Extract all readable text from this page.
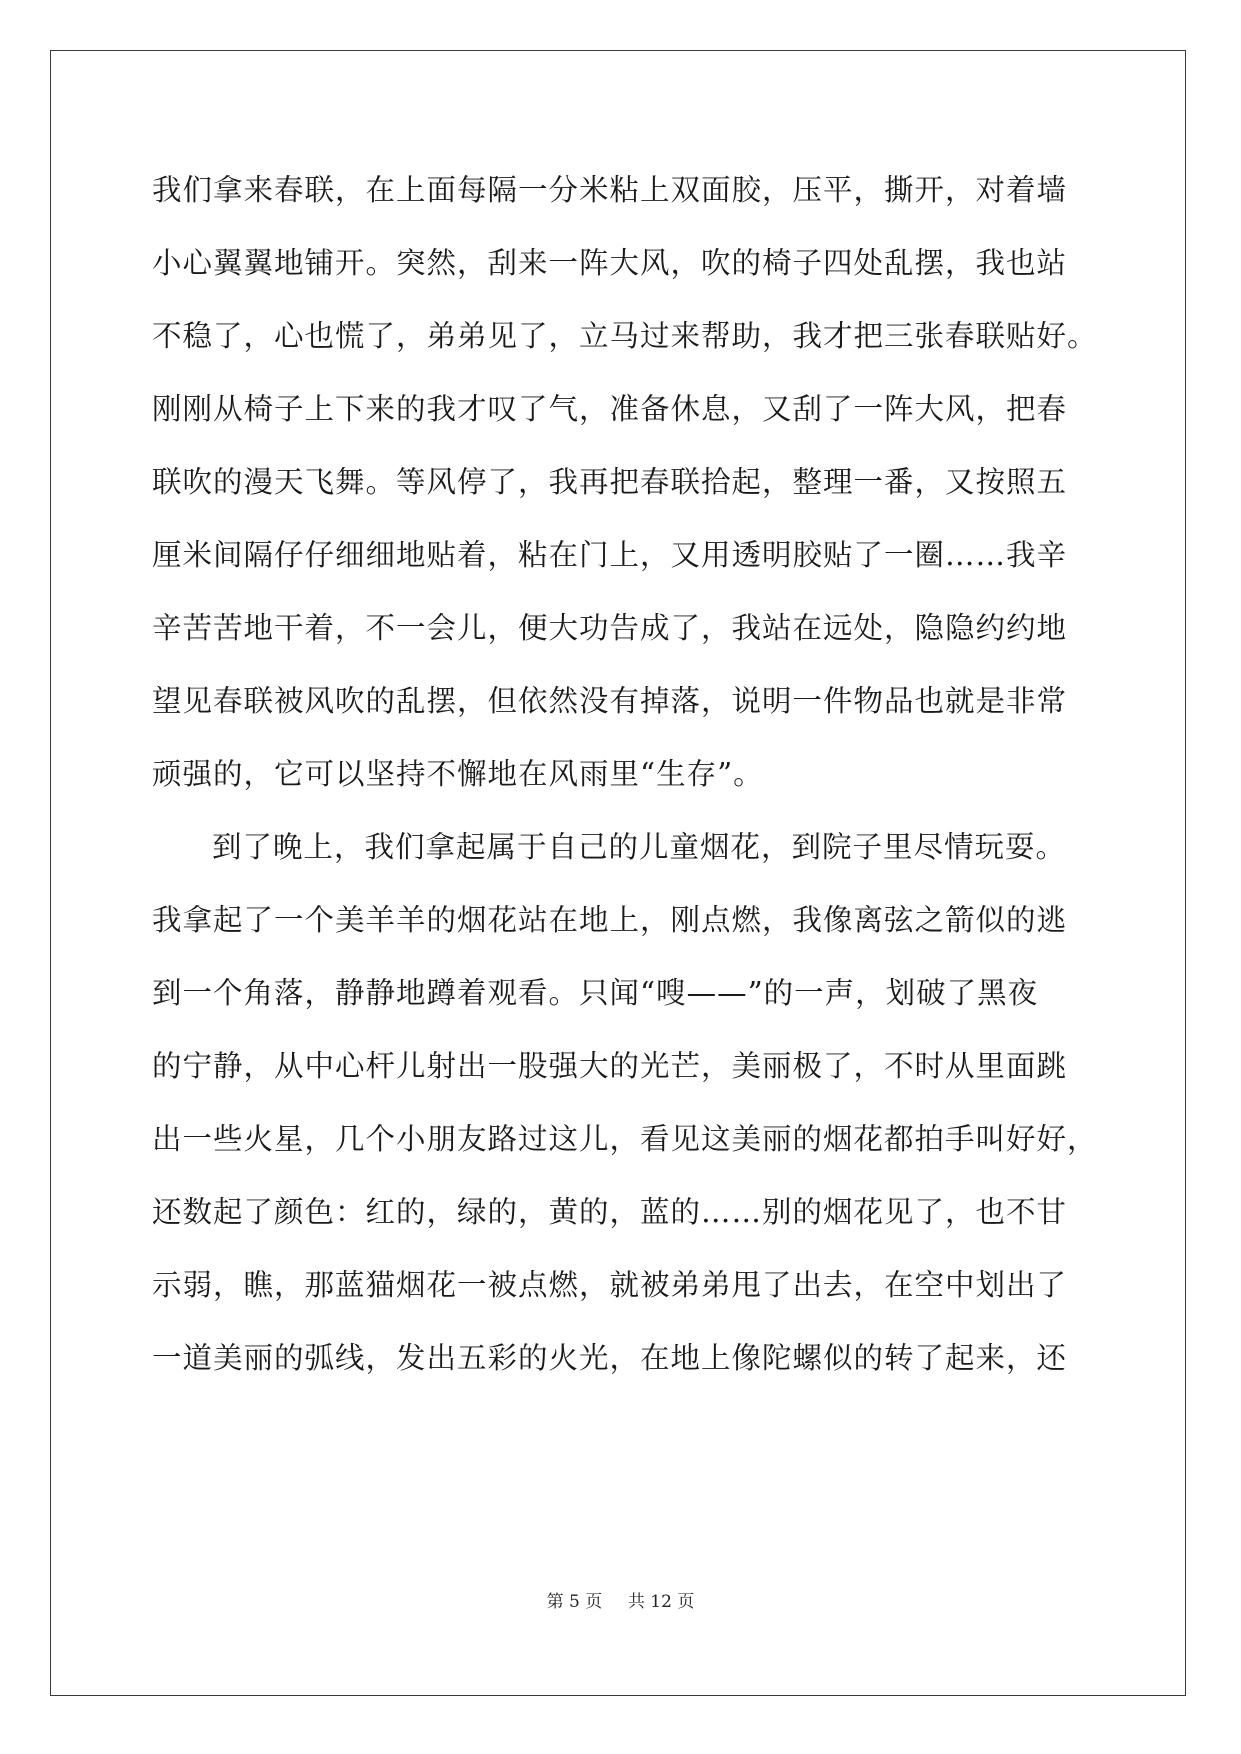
我们拿来春联，在上面每隔一分米粘上双面胶，压平，撕开，对着墙
小心翼翼地铺开。突然，刮来一阵大风，吹的椅子四处乱摆，我也站
不稳了，心也慌了，弟弟见了，立马过来帮助，我才把三张春联贴好。
刚刚从椅子上下来的我才叹了气，准备休息，又刮了一阵大风，把春
联吹的漫天飞舞。等风停了，我再把春联拾起，整理一番，又按照五
厘米间隔仔仔细细地贴着，粘在门上，又用透明胶贴了一圈……我辛
辛苦苦地干着，不一会儿，便大功告成了，我站在远处，隐隐约约地
望见春联被风吹的乱摆，但依然没有掉落，说明一件物品也就是非常
顽强的，它可以坚持不懈地在风雨里“生存”。
到了晚上，我们拿起属于自己的儿童烟花，到院子里尽情玩耍。
我拿起了一个美羊羊的烟花站在地上，刚点燃，我像离弦之箭似的逃
到一个角落，静静地蹲着观看。只闻“嗖——”的一声，划破了黑夜
的宁静，从中心杆儿射出一股强大的光芒，美丽极了，不时从里面跳
出一些火星，几个小朋友路过这儿，看见这美丽的烟花都拍手叫好好，
还数起了颜色：红的，绿的，黄的，蓝的……别的烟花见了，也不甘
示弱，瞧，那蓝猫烟花一被点燃，就被弟弟甩了出去，在空中划出了
一道美丽的弧线，发出五彩的火光，在地上像陀螺似的转了起来，还
第 5 页 共 12 页
